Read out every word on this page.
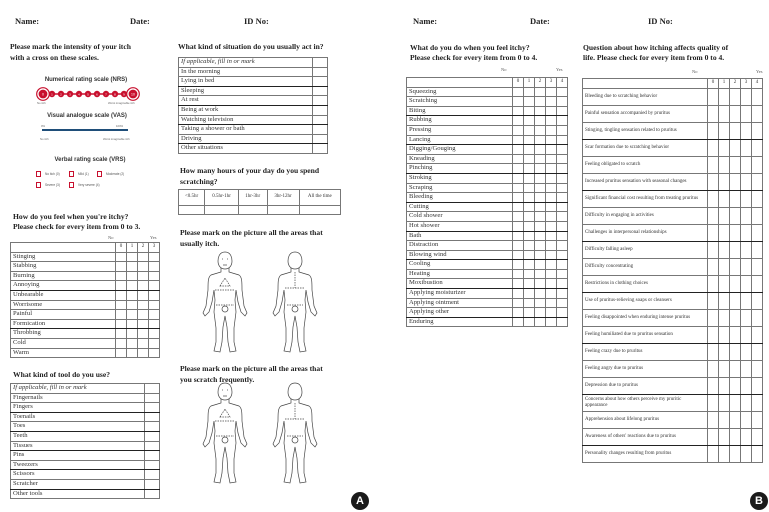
Name:	Date:	ID No:
Please mark the intensity of your itch with a cross on these scales.
Numerical rating scale (NRS)
0 1 2 3 4 5 6 7 8 9 10
No itch	Worst imaginable itch
Visual analogue scale (VAS)
0%	100%
No itch	Worst imaginable itch
Verbal rating scale (VRS)
No itch (0)	Mild (1)	Moderate (2)
Severe (3)	Very severe (4)
How do you feel when you're itchy?
Please check for every item from 0 to 3.
No	Yes
	0	1	2	3
Stinging				
Stabbing				
Burning				
Annoying				
Unbearable				
Worrisome				
Painful				
Formication				
Throbbing				
Cold				
Warm				
What kind of tool do you use?
If applicable, fill in or mark	
Fingernails	
Fingers	
Toenails	
Toes	
Teeth	
Tissues	
Pins	
Tweezers	
Scissors	
Scratcher	
Other tools	
What kind of situation do you usually act in?
If applicable, fill in or mark	
In the morning	
Lying in bed	
Sleeping	
At rest	
Being at work	
Watching television	
Taking a shower or bath	
Driving	
Other situations	
How many hours of your day do you spend scratching?
<0.5hr	0.5hr-1hr	1hr-3hr	3hr-12hr	All the time

Please mark on the picture all the areas that usually itch.
Please mark on the picture all the areas that you scratch frequently.
A
Name:	Date:	ID No:
What do you do when you feel itchy?
Please check for every item from 0 to 4.
No	Yes
	0	1	2	3	4
Squeezing					
Scratching					
Biting					
Rubbing					
Pressing					
Lancing					
Digging/Gouging					
Kneading					
Pinching					
Stroking					
Scraping					
Bleeding					
Cutting					
Cold shower					
Hot shower					
Bath					
Distraction					
Blowing wind					
Cooling					
Heating					
Moxibustion					
Applying moisturizer					
Applying ointment					
Applying other					
Enduring					
Question about how itching affects quality of
life. Please check for every item from 0 to 4.
No	Yes
	0	1	2	3	4
Bleeding due to scratching behavior					
Painful sensation accompanied by pruritus					
Stinging, tingling sensation related to pruritus					
Scar formation due to scratching behavior					
Feeling obligated to scratch					
Increased pruritus sensation with seasonal changes					
Significant financial cost resulting from treating pruritus					
Difficulty in engaging in activities					
Challenges in interpersonal relationships					
Difficulty falling asleep					
Difficulty concentrating					
Restrictions in clothing choices					
Use of pruritus-relieving soaps or cleansers					
Feeling disappointed when enduring intense pruritus					
Feeling humiliated due to pruritus sensation					
Feeling crazy due to pruritus					
Feeling angry due to pruritus					
Depression due to pruritus					
Concerns about how others perceive my pruritic appearance					
Apprehension about lifelong pruritus					
Awareness of others' reactions due to pruritus					
Personality changes resulting from pruritus					
B
